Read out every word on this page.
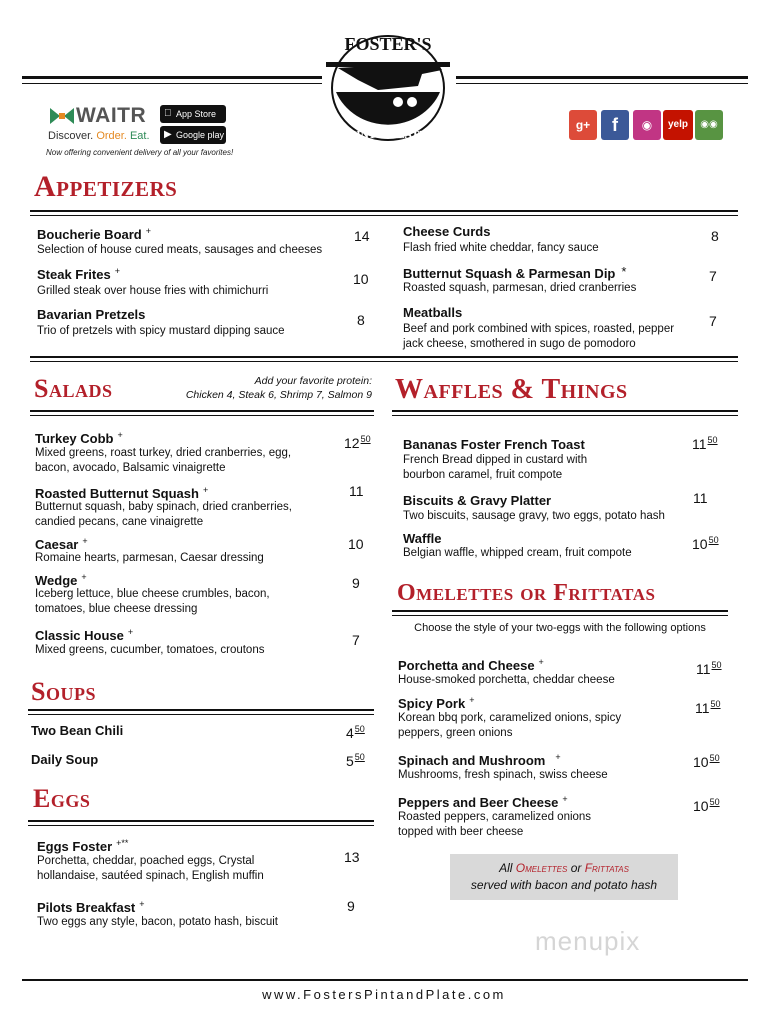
FOSTER'S
PINT & PLATE
WAITR
Discover. Order. Eat.
App Store
▶ Google play
Now offering convenient delivery of all your favorites!
g+	f	◉	yelp	◉◉
Appetizers
Boucherie Board +
Selection of house cured meats, sausages and cheeses
14
Steak Frites +
Grilled steak over house fries with chimichurri
10
Bavarian Pretzels
Trio of pretzels with spicy mustard dipping sauce
8
Cheese Curds
Flash fried white cheddar, fancy sauce
8
Butternut Squash & Parmesan Dip *
Roasted squash, parmesan, dried cranberries
7
Meatballs
Beef and pork combined with spices, roasted, pepper jack cheese, smothered in sugo de pomodoro
7
Salads	Add your favorite protein:
Chicken 4, Steak 6, Shrimp 7, Salmon 9
Turkey Cobb +
Mixed greens, roast turkey, dried cranberries, egg, bacon, avocado, Balsamic vinaigrette
$12^{50}$
Roasted Butternut Squash +
Butternut squash, baby spinach, dried cranberries, candied pecans, cane vinaigrette
11
Caesar +
Romaine hearts, parmesan, Caesar dressing
10
Wedge +
Iceberg lettuce, blue cheese crumbles, bacon, tomatoes, blue cheese dressing
9
Classic House +
Mixed greens, cucumber, tomatoes, croutons
7
Soups
Two Bean Chili	$4^{50}$
Daily Soup	$5^{50}$
Eggs
Eggs Foster +**
Porchetta, cheddar, poached eggs, Crystal hollandaise, sautéed spinach, English muffin
13
Pilots Breakfast +
Two eggs any style, bacon, potato hash, biscuit
9
Waffles & Things
Bananas Foster French Toast
French Bread dipped in custard with bourbon caramel, fruit compote
$11^{50}$
Biscuits & Gravy Platter
Two biscuits, sausage gravy, two eggs, potato hash
11
Waffle
Belgian waffle, whipped cream, fruit compote
$10^{50}$
Omelettes or Frittatas
Choose the style of your two-eggs with the following options
Porchetta and Cheese +
House-smoked porchetta, cheddar cheese
$11^{50}$
Spicy Pork +
Korean bbq pork, caramelized onions, spicy peppers, green onions
$11^{50}$
Spinach and Mushroom +
Mushrooms, fresh spinach, swiss cheese
$10^{50}$
Peppers and Beer Cheese +
Roasted peppers, caramelized onions topped with beer cheese
$10^{50}$
All Omelettes or Frittatas
served with bacon and potato hash
menupix
www.FostersPintandPlate.com
